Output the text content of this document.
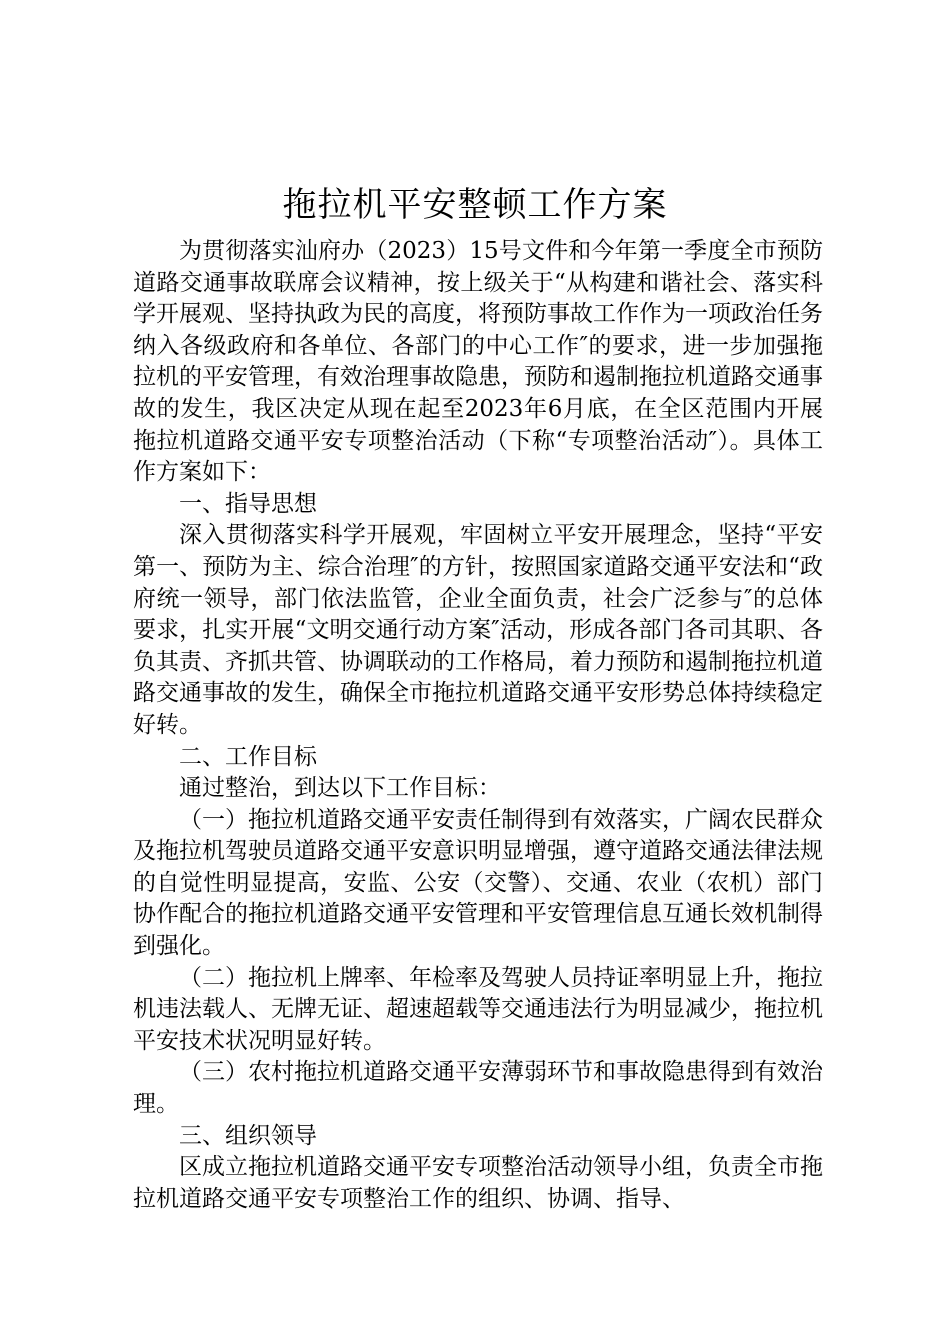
拖拉机平安整顿工作方案

为贯彻落实汕府办（2023）15号文件和今年第一季度全市预防道路交通事故联席会议精神，按上级关于“从构建和谐社会、落实科学开展观、坚持执政为民的高度，将预防事故工作作为一项政治任务纳入各级政府和各单位、各部门的中心工作″的要求，进一步加强拖拉机的平安管理，有效治理事故隐患，预防和遏制拖拉机道路交通事故的发生，我区决定从现在起至2023年6月底，在全区范围内开展拖拉机道路交通平安专项整治活动（下称“专项整治活动″）。具体工作方案如下：

一、指导思想

深入贯彻落实科学开展观，牢固树立平安开展理念，坚持“平安第一、预防为主、综合治理″的方针，按照国家道路交通平安法和“政府统一领导，部门依法监管，企业全面负责，社会广泛参与″的总体要求，扎实开展“文明交通行动方案″活动，形成各部门各司其职、各负其责、齐抓共管、协调联动的工作格局，着力预防和遏制拖拉机道路交通事故的发生，确保全市拖拉机道路交通平安形势总体持续稳定好转。

二、工作目标

通过整治，到达以下工作目标：

（一）拖拉机道路交通平安责任制得到有效落实，广阔农民群众及拖拉机驾驶员道路交通平安意识明显增强，遵守道路交通法律法规的自觉性明显提高，安监、公安（交警）、交通、农业（农机）部门协作配合的拖拉机道路交通平安管理和平安管理信息互通长效机制得到强化。

（二）拖拉机上牌率、年检率及驾驶人员持证率明显上升，拖拉机违法载人、无牌无证、超速超载等交通违法行为明显减少，拖拉机平安技术状况明显好转。

（三）农村拖拉机道路交通平安薄弱环节和事故隐患得到有效治理。

三、组织领导

区成立拖拉机道路交通平安专项整治活动领导小组，负责全市拖拉机道路交通平安专项整治工作的组织、协调、指导、
